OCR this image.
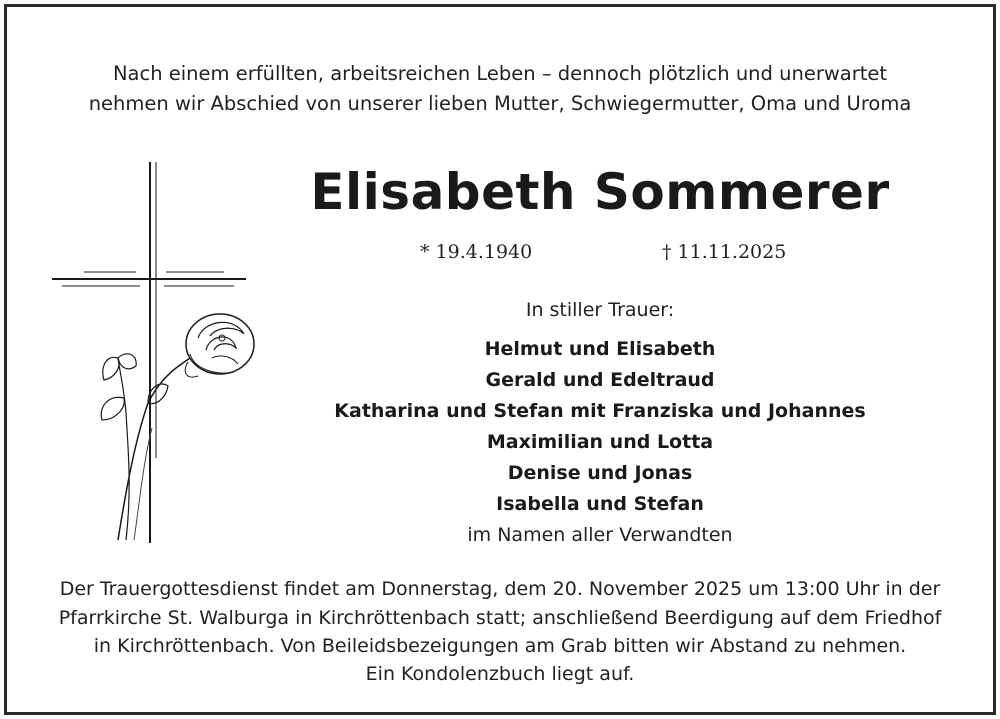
Nach einem erfüllten, arbeitsreichen Leben – dennoch plötzlich und unerwartet
nehmen wir Abschied von unserer lieben Mutter, Schwiegermutter, Oma und Uroma
Elisabeth Sommerer
* 19.4.1940	† 11.11.2025
In stiller Trauer:
Helmut und Elisabeth
Gerald und Edeltraud
Katharina und Stefan mit Franziska und Johannes
Maximilian und Lotta
Denise und Jonas
Isabella und Stefan
im Namen aller Verwandten
Der Trauergottesdienst findet am Donnerstag, dem 20. November 2025 um 13:00 Uhr in der
Pfarrkirche St. Walburga in Kirchröttenbach statt; anschließend Beerdigung auf dem Friedhof
in Kirchröttenbach. Von Beileidsbezeigungen am Grab bitten wir Abstand zu nehmen.
Ein Kondolenzbuch liegt auf.
